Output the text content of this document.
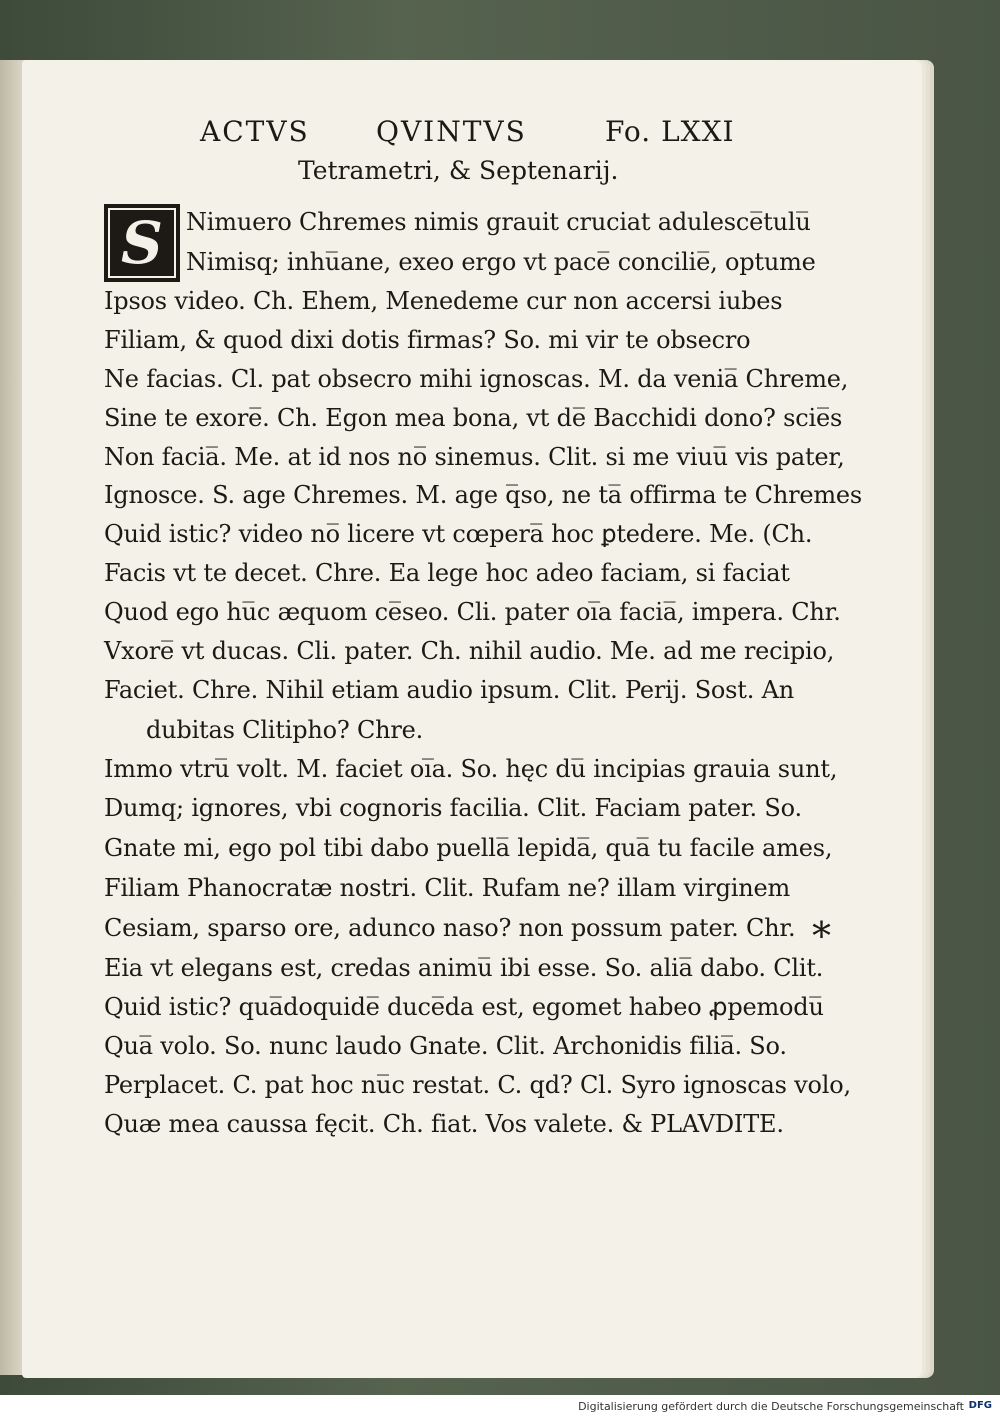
ACTVS QVINTVS	Fo. LXXI
Tetrametri, & Septenarij.
S Nimuero Chremes nimis grauit cruciat adulesce̅tulu̅
Nimisq; inhu̅ane, exeo ergo vt pace̅ concilie̅, optume
Ipsos video. Ch. Ehem, Menedeme cur non accersi iubes
Filiam, & quod dixi dotis firmas? So. mi vir te obsecro
Ne facias. Cl. pat obsecro mihi ignoscas. M. da venia̅ Chreme,
Sine te exore̅. Ch. Egon mea bona, vt de̅ Bacchidi dono? scie̅s
Non facia̅. Me. at id nos no̅ sinemus. Clit. si me viuu̅ vis pater,
Ignosce. S. age Chremes. M. age q̅so, ne ta̅ offirma te Chremes
Quid istic? video no̅ licere vt cœpera̅ hoc ꝑtedere. Me. (Ch.
Facis vt te decet. Chre. Ea lege hoc adeo faciam, si faciat
Quod ego hu̅c æquom ce̅seo. Cli. pater oi̅a facia̅, impera. Chr.
Vxore̅ vt ducas. Cli. pater. Ch. nihil audio. Me. ad me recipio,
Faciet. Chre. Nihil etiam audio ipsum. Clit. Perij. Sost. An
dubitas Clitipho? Chre.
Immo vtru̅ volt. M. faciet oi̅a. So. hęc du̅ incipias grauia sunt,
Dumq; ignores, vbi cognoris facilia. Clit. Faciam pater. So.
Gnate mi, ego pol tibi dabo puella̅ lepida̅, qua̅ tu facile ames,
Filiam Phanocratæ nostri. Clit. Rufam ne? illam virginem
Cesiam, sparso ore, adunco naso? non possum pater. Chr.
Eia vt elegans est, credas animu̅ ibi esse. So. alia̅ dabo. Clit.
Quid istic? qua̅doquide̅ duce̅da est, egomet habeo ꝓpemodu̅
Qua̅ volo. So. nunc laudo Gnate. Clit. Archonidis filia̅. So.
Perplacet. C. pat hoc nu̅c restat. C. qd? Cl. Syro ignoscas volo,
Quæ mea caussa fęcit. Ch. fiat. Vos valete. & PLAVDITE.
*
Digitalisierung gefördert durch die Deutsche Forschungsgemeinschaft DFG
